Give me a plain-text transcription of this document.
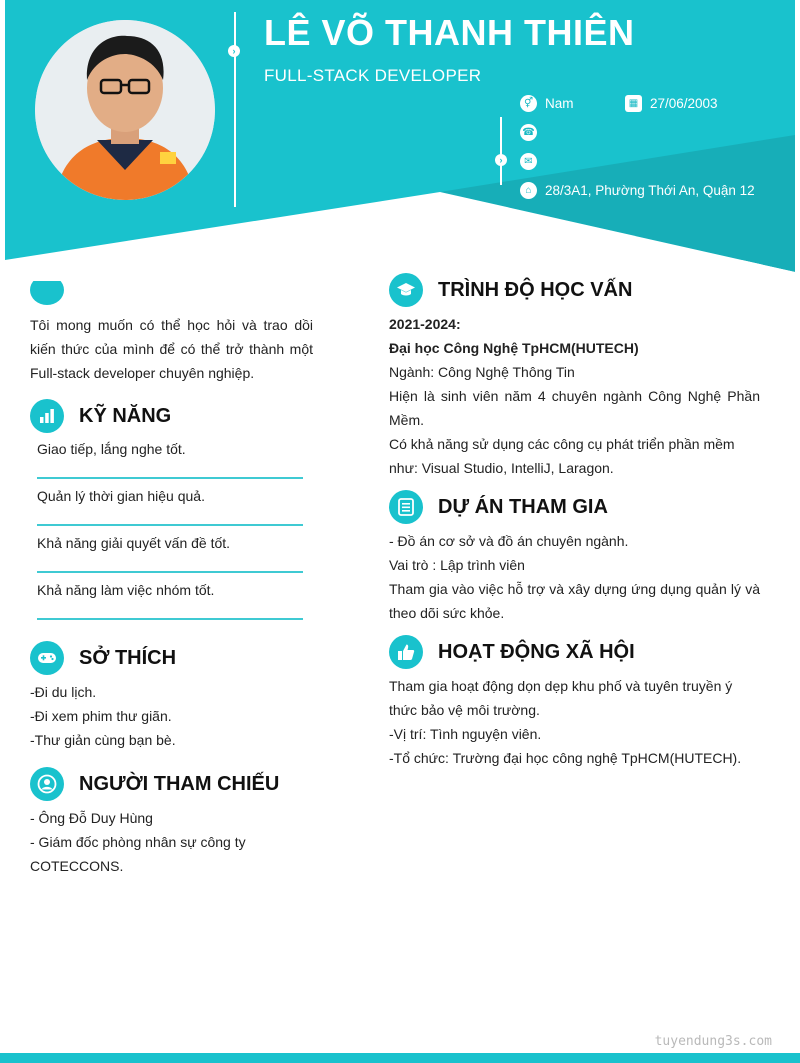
› LÊ VÕ THANH THIÊN
FULL-STACK DEVELOPER
›
⚥ Nam	▦ 27/06/2003
☎
✉
⌂ 28/3A1, Phường Thới An, Quận 12
Tôi mong muốn có thể học hỏi và trao dồi kiến thức của mình để có thể trở thành một Full-stack developer chuyên nghiệp.
KỸ NĂNG
Giao tiếp, lắng nghe tốt.
Quản lý thời gian hiệu quả.
Khả năng giải quyết vấn đề tốt.
Khả năng làm việc nhóm tốt.
SỞ THÍCH
-Đi du lịch.
-Đi xem phim thư giãn.
-Thư giản cùng bạn bè.
NGƯỜI THAM CHIẾU
- Ông Đỗ Duy Hùng
- Giám đốc phòng nhân sự công ty
COTECCONS.
TRÌNH ĐỘ HỌC VẤN
2021-2024:
Đại học Công Nghệ TpHCM(HUTECH)
Ngành: Công Nghệ Thông Tin
Hiện là sinh viên năm 4 chuyên ngành Công Nghệ Phần Mềm.
Có khả năng sử dụng các công cụ phát triển phần mềm như: Visual Studio, IntelliJ, Laragon.
DỰ ÁN THAM GIA
- Đồ án cơ sở và đồ án chuyên ngành.
Vai trò : Lập trình viên
Tham gia vào việc hỗ trợ và xây dựng ứng dụng quản lý và theo dõi sức khỏe.
HOẠT ĐỘNG XÃ HỘI
Tham gia hoạt động dọn dẹp khu phố và tuyên truyền ý thức bảo vệ môi trường.
-Vị trí: Tình nguyện viên.
-Tổ chức: Trường đại học công nghệ TpHCM(HUTECH).
tuyendung3s.com
